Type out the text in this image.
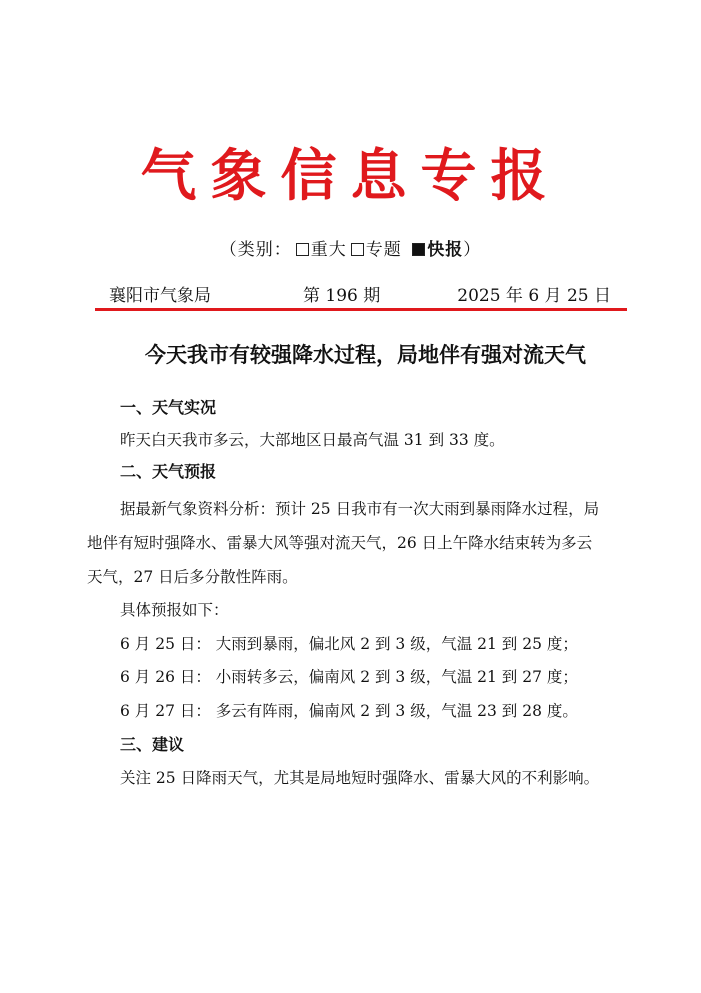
气象信息专报
（类别： 重大 专题 快报）
襄阳市气象局	第 196 期	2025 年 6 月 25 日
今天我市有较强降水过程，局地伴有强对流天气
一、天气实况
昨天白天我市多云，大部地区日最高气温 31 到 33 度。
二、天气预报
据最新气象资料分析：预计 25 日我市有一次大雨到暴雨降水过程，局
地伴有短时强降水、雷暴大风等强对流天气，26 日上午降水结束转为多云
天气，27 日后多分散性阵雨。
具体预报如下：
6 月 25 日： 大雨到暴雨，偏北风 2 到 3 级，气温 21 到 25 度；
6 月 26 日： 小雨转多云，偏南风 2 到 3 级，气温 21 到 27 度；
6 月 27 日： 多云有阵雨，偏南风 2 到 3 级，气温 23 到 28 度。
三、建议
关注 25 日降雨天气，尤其是局地短时强降水、雷暴大风的不利影响。
